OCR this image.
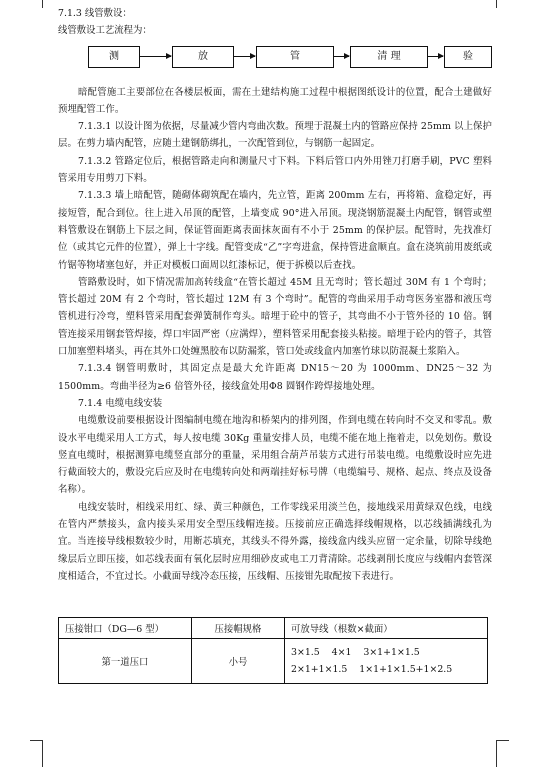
7.1.3 线管敷设：
线管敷设工艺流程为：
测	放	管	清 理	验
暗配管施工主要部位在各楼层板面，需在土建结构施工过程中根据图纸设计的位置，配合土建做好预埋配管工作。
7.1.3.1 以设计图为依据，尽量减少管内弯曲次数。预埋于混凝土内的管路应保持 25mm 以上保护层。在剪力墙内配管，应随土建钢筋绑扎，一次配管到位，与钢筋一起固定。
7.1.3.2 管路定位后，根据管路走向和测量尺寸下料。下料后管口内外用锉刀打磨手刷，PVC 塑料管采用专用剪刀下料。
7.1.3.3 墙上暗配管，随砌体砌筑配在墙内，先立管，距离 200mm 左右，再将箱、盒稳定好，再接短管，配合到位。往上进入吊顶的配管，上墙变成 90°进入吊顶。现浇钢筋混凝土内配管，钢管或塑料管敷设在钢筋上下层之间，保证管面距离表面抹灰面有不小于 25mm 的保护层。配管时，先找准灯位（或其它元件的位置），弹上十字线。配管变成“乙”字弯进盒，保持管进盒顺直。盒在浇筑前用废纸或竹锯等物堵塞包好，并正对模板口面周以红漆标记，便于拆模以后查找。
管路敷设时，如下情况需加高转线盒“在管长超过 45M 且无弯时；管长超过 30M 有 1 个弯时；管长超过 20M 有 2 个弯时，管长超过 12M 有 3 个弯时”。配管的弯曲采用手动弯医务室器和液压弯管机进行冷弯，塑料管采用配套弹簧制作弯头。暗埋于砼中的管子，其弯曲不小于管外径的 10 倍。钢管连接采用钢套管焊接，焊口牢固严密（应满焊），塑料管采用配套接头粘接。暗埋于砼内的管子，其管口加塞塑料堵头，再在其外口处缠黑胶布以防漏浆，管口处或线盒内加塞竹球以防混凝土浆陷入。
7.1.3.4 钢管明敷时，其固定点是最大允许距离 DN15～20 为 1000mm、DN25～32 为 1500mm。弯曲半径为≥6 倍管外径，接线盒处用Φ8 圆钢作跨焊接地处理。
7.1.4 电缆电线安装
电缆敷设前要根据设计图编制电缆在地沟和桥架内的排列图，作到电缆在转向时不交叉和零乱。敷设水平电缆采用人工方式，每人按电缆 30Kg 重量安排人员，电缆不能在地上拖着走，以免划伤。敷设竖直电缆时，根据测算电缆竖直部分的重量，采用组合葫芦吊装方式进行吊装电缆。电缆敷设时应先进行截面较大的，敷设完后应及时在电缆转向处和两端挂好标号牌（电缆编号、规格、起点、终点及设备名称）。
电线安装时，相线采用红、绿、黄三种颜色，工作零线采用淡兰色，接地线采用黄绿双色线，电线在管内严禁接头，盒内接头采用安全型压线帽连接。压接前应正确选择线帽规格，以芯线插满线孔为宜。当连接导线根数较少时，用断芯填充，其线头不得外露，接线盒内线头应留一定余量，切除导线绝缘层后立即压接，如芯线表面有氧化层时应用细砂皮或电工刀背清除。芯线剥削长度应与线帽内套管深度相适合，不宜过长。小截面导线冷态压接，压线帽、压接钳先取配按下表进行。
压接钳口（DG—6 型）	压接帽规格	可放导线（根数×截面）
第一道压口	小号	3×1.5    4×1    3×1+1×1.5
2×1+1×1.5    1×1+1×1.5+1×2.5
